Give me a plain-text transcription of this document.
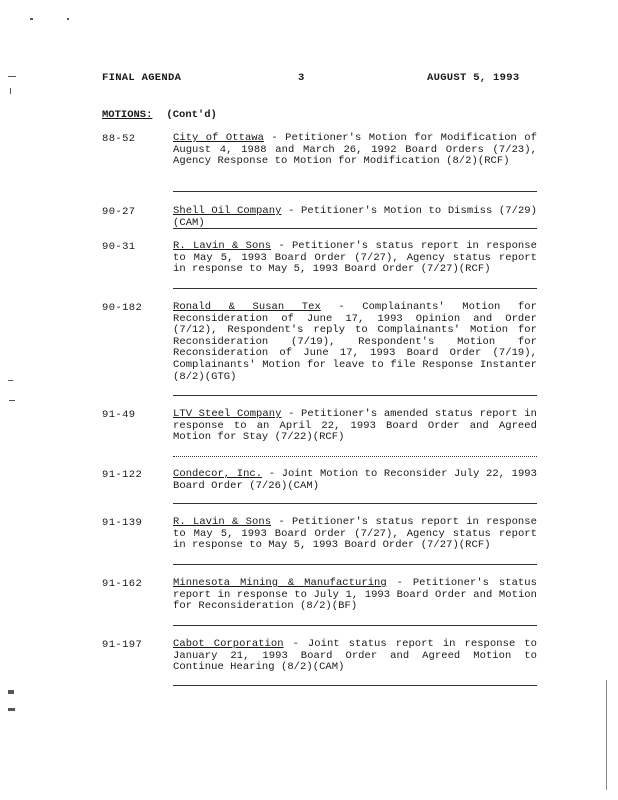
FINAL AGENDA	3	AUGUST 5, 1993
MOTIONS: (Cont'd)
88-52	City of Ottawa - Petitioner's Motion for Modification of August 4, 1988 and March 26, 1992 Board Orders (7/23), Agency Response to Motion for Modification (8/2)(RCF)
90-27	Shell Oil Company - Petitioner's Motion to Dismiss (7/29)(CAM)
90-31	R. Lavin & Sons - Petitioner's status report in response to May 5, 1993 Board Order (7/27), Agency status report in response to May 5, 1993 Board Order (7/27)(RCF)
90-182	Ronald & Susan Tex - Complainants' Motion for Reconsideration of June 17, 1993 Opinion and Order (7/12), Respondent's reply to Complainants' Motion for Reconsideration (7/19), Respondent's Motion for Reconsideration of June 17, 1993 Board Order (7/19), Complainants' Motion for leave to file Response Instanter (8/2)(GTG)
91-49	LTV Steel Company - Petitioner's amended status report in response to an April 22, 1993 Board Order and Agreed Motion for Stay (7/22)(RCF)
91-122	Condecor, Inc. - Joint Motion to Reconsider July 22, 1993 Board Order (7/26)(CAM)
91-139	R. Lavin & Sons - Petitioner's status report in response to May 5, 1993 Board Order (7/27), Agency status report in response to May 5, 1993 Board Order (7/27)(RCF)
91-162	Minnesota Mining & Manufacturing - Petitioner's status report in response to July 1, 1993 Board Order and Motion for Reconsideration (8/2)(BF)
91-197	Cabot Corporation - Joint status report in response to January 21, 1993 Board Order and Agreed Motion to Continue Hearing (8/2)(CAM)
